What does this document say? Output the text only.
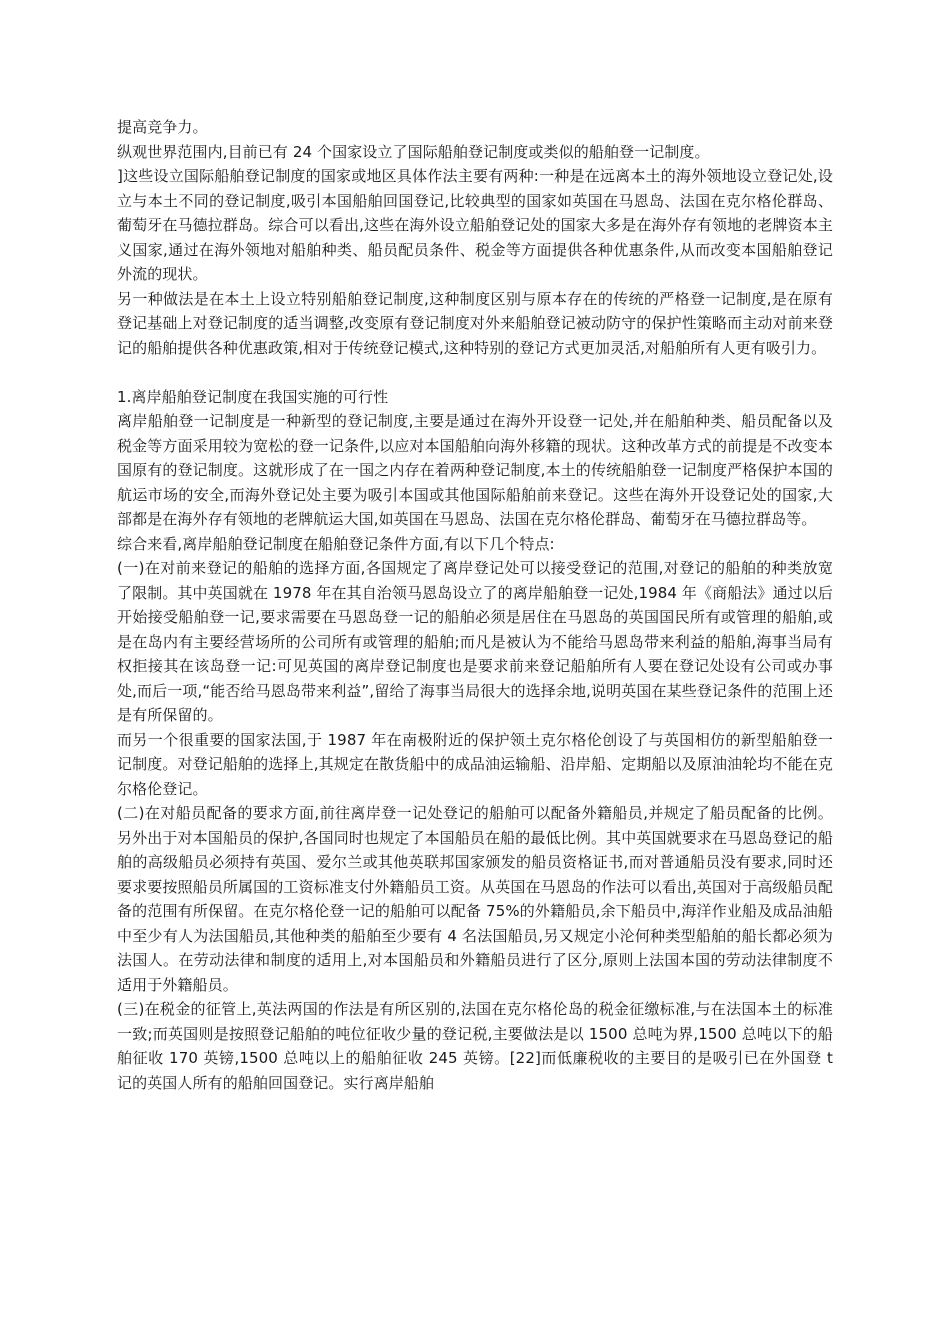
提高竞争力。

纵观世界范围内,目前已有 24 个国家设立了国际船舶登记制度或类似的船舶登一记制度。

]这些设立国际船舶登记制度的国家或地区具体作法主要有两种:一种是在远离本土的海外领地设立登记处,设立与本土不同的登记制度,吸引本国船舶回国登记,比较典型的国家如英国在马恩岛、法国在克尔格伦群岛、葡萄牙在马德拉群岛。综合可以看出,这些在海外设立船舶登记处的国家大多是在海外存有领地的老牌资本主义国家,通过在海外领地对船舶种类、船员配员条件、税金等方面提供各种优惠条件,从而改变本国船舶登记外流的现状。

另一种做法是在本土上设立特别船舶登记制度,这种制度区别与原本存在的传统的严格登一记制度,是在原有登记基础上对登记制度的适当调整,改变原有登记制度对外来船舶登记被动防守的保护性策略而主动对前来登记的船舶提供各种优惠政策,相对于传统登记模式,这种特别的登记方式更加灵活,对船舶所有人更有吸引力。

1.离岸船舶登记制度在我国实施的可行性

离岸船舶登一记制度是一种新型的登记制度,主要是通过在海外开设登一记处,并在船舶种类、船员配备以及税金等方面采用较为宽松的登一记条件,以应对本国船舶向海外移籍的现状。这种改革方式的前提是不改变本国原有的登记制度。这就形成了在一国之内存在着两种登记制度,本土的传统船舶登一记制度严格保护本国的航运市场的安全,而海外登记处主要为吸引本国或其他国际船舶前来登记。这些在海外开设登记处的国家,大部都是在海外存有领地的老牌航运大国,如英国在马恩岛、法国在克尔格伦群岛、葡萄牙在马德拉群岛等。

综合来看,离岸船舶登记制度在船舶登记条件方面,有以下几个特点:

(一)在对前来登记的船舶的选择方面,各国规定了离岸登记处可以接受登记的范围,对登记的船舶的种类放宽了限制。其中英国就在 1978 年在其自治领马恩岛设立了的离岸船舶登一记处,1984 年《商船法》通过以后开始接受船舶登一记,要求需要在马恩岛登一记的船舶必须是居住在马恩岛的英国国民所有或管理的船舶,或是在岛内有主要经营场所的公司所有或管理的船舶;而凡是被认为不能给马恩岛带来利益的船舶,海事当局有权拒接其在该岛登一记:可见英国的离岸登记制度也是要求前来登记船舶所有人要在登记处设有公司或办事处,而后一项,“能否给马恩岛带来利益”,留给了海事当局很大的选择余地,说明英国在某些登记条件的范围上还是有所保留的。

而另一个很重要的国家法国,于 1987 年在南极附近的保护领土克尔格伦创设了与英国相仿的新型船舶登一记制度。对登记船舶的选择上,其规定在散货船中的成品油运输船、沿岸船、定期船以及原油油轮均不能在克尔格伦登记。

(二)在对船员配备的要求方面,前往离岸登一记处登记的船舶可以配备外籍船员,并规定了船员配备的比例。另外出于对本国船员的保护,各国同时也规定了本国船员在船的最低比例。其中英国就要求在马恩岛登记的船舶的高级船员必须持有英国、爱尔兰或其他英联邦国家颁发的船员资格证书,而对普通船员没有要求,同时还要求要按照船员所属国的工资标准支付外籍船员工资。从英国在马恩岛的作法可以看出,英国对于高级船员配备的范围有所保留。在克尔格伦登一记的船舶可以配备 75%的外籍船员,余下船员中,海洋作业船及成品油船中至少有人为法国船员,其他种类的船舶至少要有 4 名法国船员,另又规定小沦何种类型船舶的船长都必须为法国人。在劳动法律和制度的适用上,对本国船员和外籍船员进行了区分,原则上法国本国的劳动法律制度不适用于外籍船员。

(三)在税金的征管上,英法两国的作法是有所区别的,法国在克尔格伦岛的税金征缴标准,与在法国本土的标准一致;而英国则是按照登记船舶的吨位征收少量的登记税,主要做法是以 1500 总吨为界,1500 总吨以下的船舶征收 170 英镑,1500 总吨以上的船舶征收 245 英镑。[22]而低廉税收的主要目的是吸引已在外国登 t 记的英国人所有的船舶回国登记。实行离岸船舶
